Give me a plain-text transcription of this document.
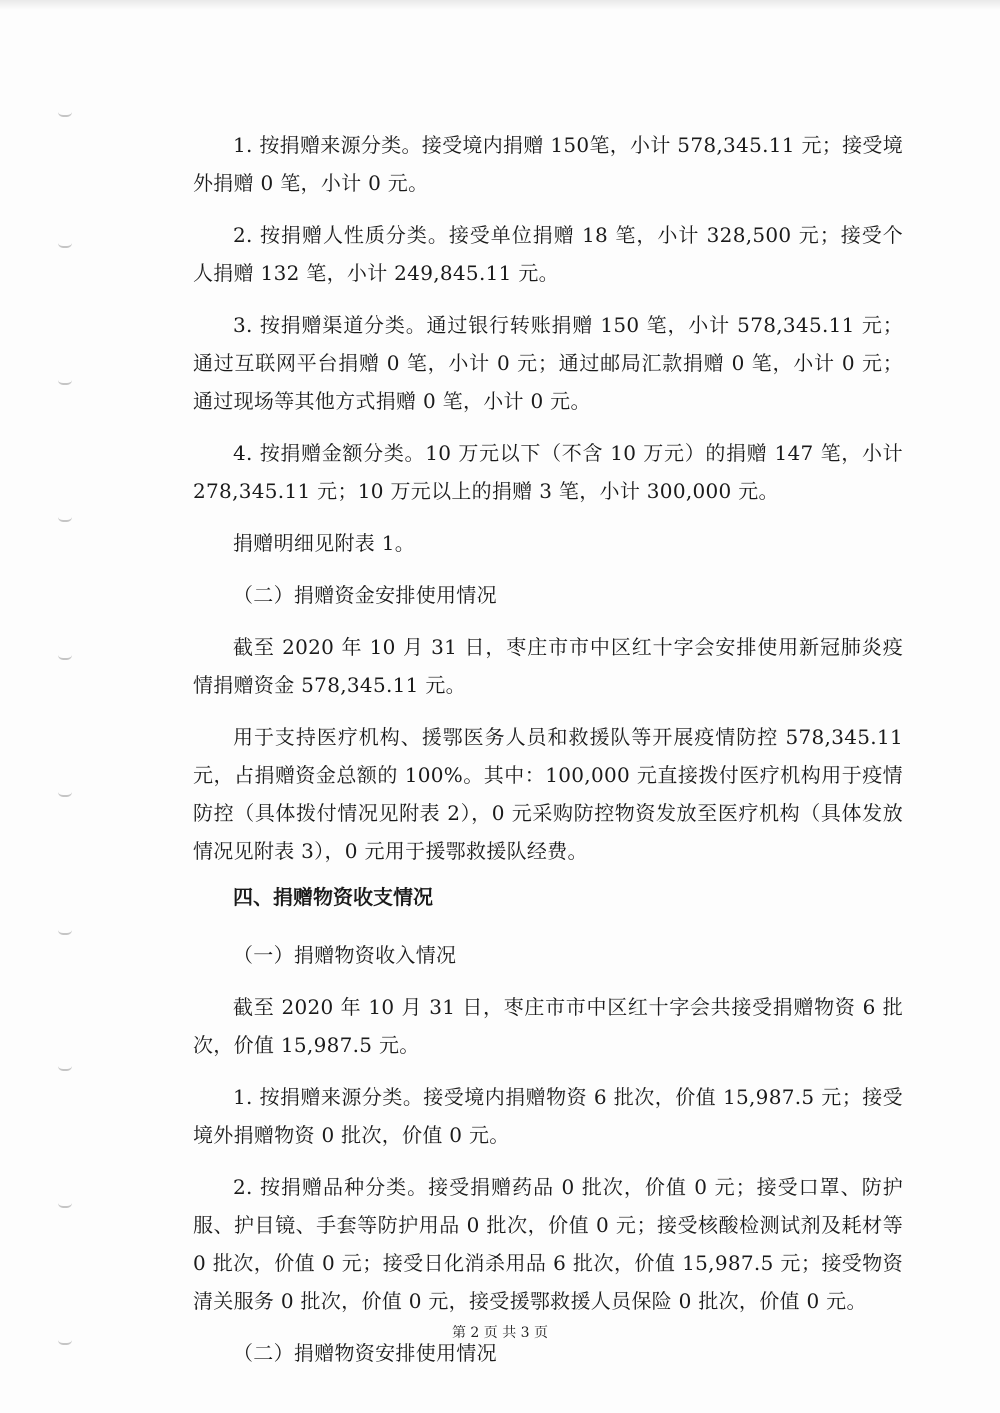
1. 按捐赠来源分类。接受境内捐赠 150笔，小计 578,345.11 元；接受境外捐赠 0 笔，小计 0 元。

2. 按捐赠人性质分类。接受单位捐赠 18 笔，小计 328,500 元；接受个人捐赠 132 笔，小计 249,845.11 元。

3. 按捐赠渠道分类。通过银行转账捐赠 150 笔，小计 578,345.11 元；通过互联网平台捐赠 0 笔，小计 0 元；通过邮局汇款捐赠 0 笔，小计 0 元；通过现场等其他方式捐赠 0 笔，小计 0 元。

4. 按捐赠金额分类。10 万元以下（不含 10 万元）的捐赠 147 笔，小计 278,345.11 元；10 万元以上的捐赠 3 笔，小计 300,000 元。

捐赠明细见附表 1。

（二）捐赠资金安排使用情况

截至 2020 年 10 月 31 日，枣庄市市中区红十字会安排使用新冠肺炎疫情捐赠资金 578,345.11 元。

用于支持医疗机构、援鄂医务人员和救援队等开展疫情防控 578,345.11 元，占捐赠资金总额的 100%。其中：100,000 元直接拨付医疗机构用于疫情防控（具体拨付情况见附表 2），0 元采购防控物资发放至医疗机构（具体发放情况见附表 3），0 元用于援鄂救援队经费。

四、捐赠物资收支情况

（一）捐赠物资收入情况

截至 2020 年 10 月 31 日，枣庄市市中区红十字会共接受捐赠物资 6 批次，价值 15,987.5 元。

1. 按捐赠来源分类。接受境内捐赠物资 6 批次，价值 15,987.5 元；接受境外捐赠物资 0 批次，价值 0 元。

2. 按捐赠品种分类。接受捐赠药品 0 批次，价值 0 元；接受口罩、防护服、护目镜、手套等防护用品 0 批次，价值 0 元；接受核酸检测试剂及耗材等 0 批次，价值 0 元；接受日化消杀用品 6 批次，价值 15,987.5 元；接受物资清关服务 0 批次，价值 0 元，接受援鄂救援人员保险 0 批次，价值 0 元。

（二）捐赠物资安排使用情况

第 2 页 共 3 页
